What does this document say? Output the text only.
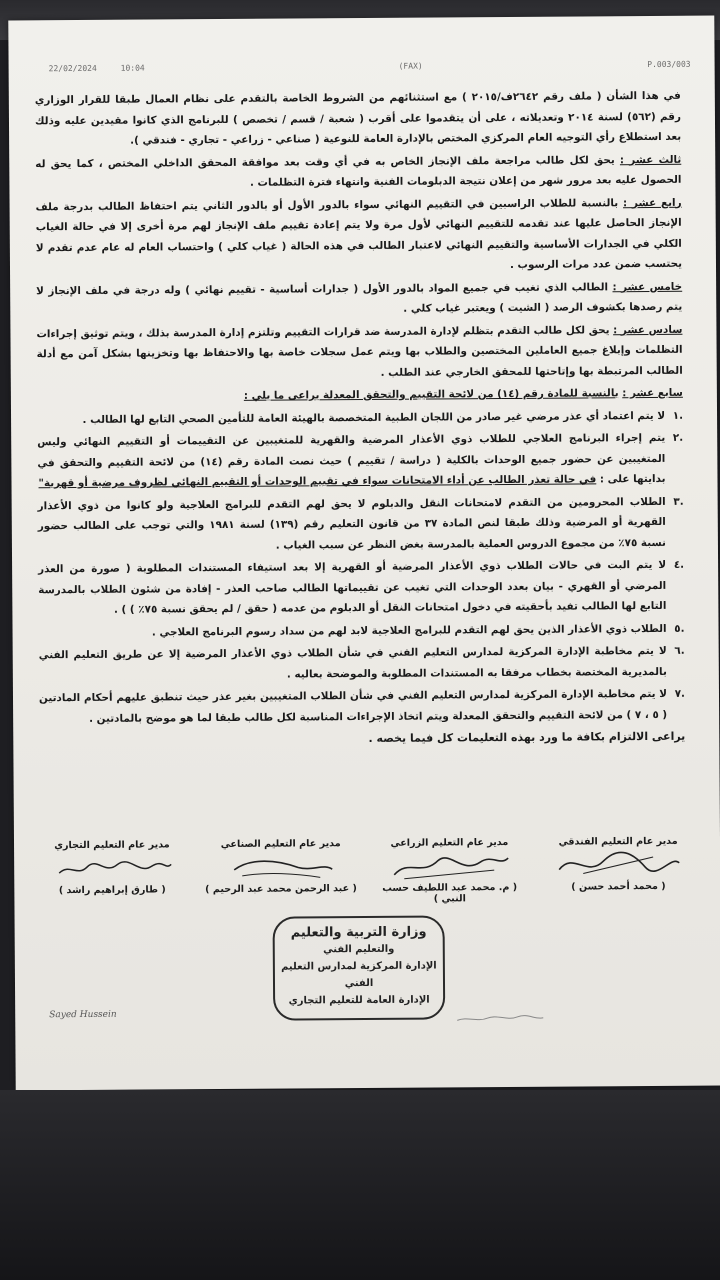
22/02/2024	10:04	(FAX)	P.003/003

في هذا الشأن ( ملف رقم ٢٦٤٢ف/٢٠١٥ ) مع استثنائهم من الشروط الخاصة بالتقدم على نظام العمال طبقا للقرار الوزاري رقم (٥٦٢) لسنة ٢٠١٤ وتعديلاته ، على أن يتقدموا على أقرب ( شعبة / قسم / تخصص ) للبرنامج الذي كانوا مقيدين عليه وذلك بعد استطلاع رأي التوجيه العام المركزي المختص بالإدارة العامة للنوعية ( صناعي - زراعي - تجاري - فندقي ).

ثالث عشر : يحق لكل طالب مراجعة ملف الإنجاز الخاص به في أي وقت بعد موافقة المحقق الداخلي المختص ، كما يحق له الحصول عليه بعد مرور شهر من إعلان نتيجة الدبلومات الفنية وانتهاء فترة التظلمات .

رابع عشر : بالنسبة للطلاب الراسبين في التقييم النهائي سواء بالدور الأول أو بالدور الثاني يتم احتفاظ الطالب بدرجة ملف الإنجاز الحاصل عليها عند تقدمه للتقييم النهائي لأول مرة ولا يتم إعادة تقييم ملف الإنجاز لهم مرة أخرى إلا في حالة الغياب الكلي في الجدارات الأساسية والتقييم النهائي لاعتبار الطالب في هذه الحالة ( غياب كلي ) واحتساب العام له عام عدم تقدم لا يحتسب ضمن عدد مرات الرسوب .

خامس عشر : الطالب الذي تغيب في جميع المواد بالدور الأول ( جدارات أساسية - تقييم نهائي ) وله درجة في ملف الإنجاز لا يتم رصدها بكشوف الرصد ( الشيت ) ويعتبر غياب كلي .

سادس عشر : يحق لكل طالب التقدم بتظلم لإدارة المدرسة ضد قرارات التقييم وتلتزم إدارة المدرسة بذلك ، ويتم توثيق إجراءات التظلمات وإبلاغ جميع العاملين المختصين والطلاب بها ويتم عمل سجلات خاصة بها والاحتفاظ بها وتخزينها بشكل آمن مع أدلة الطالب المرتبطة بها وإتاحتها للمحقق الخارجي عند الطلب .

سابع عشر : بالنسبة للمادة رقم (١٤) من لائحة التقييم والتحقق المعدلة يراعى ما يلي :

.١
لا يتم اعتماد أي عذر مرضي غير صادر من اللجان الطبية المتخصصة بالهيئة العامة للتأمين الصحي التابع لها الطالب .
.٢
يتم إجراء البرنامج العلاجي للطلاب ذوي الأعذار المرضية والقهرية للمتغيبين عن التقييمات أو التقييم النهائي وليس المتغيبين عن حضور جميع الوحدات بالكلية ( دراسة / تقييم ) حيث نصت المادة رقم (١٤) من لائحة التقييم والتحقق في بدايتها على : في حالة تعذر الطالب عن أداء الامتحانات سواء في تقييم الوحدات أو التقييم النهائي لظروف مرضية أو قهرية"
.٣
الطلاب المحرومين من التقدم لامتحانات النقل والدبلوم لا يحق لهم التقدم للبرامج العلاجية ولو كانوا من ذوي الأعذار القهرية أو المرضية وذلك طبقا لنص المادة ٣٧ من قانون التعليم رقم (١٣٩) لسنة ١٩٨١ والتي توجب على الطالب حضور نسبة ٧٥٪ من مجموع الدروس العملية بالمدرسة بغض النظر عن سبب الغياب .
.٤
لا يتم البت في حالات الطلاب ذوي الأعذار المرضية أو القهرية إلا بعد استيفاء المستندات المطلوبة ( صورة من العذر المرضي أو القهري - بيان بعدد الوحدات التي تغيب عن تقييماتها الطالب صاحب العذر - إفادة من شئون الطلاب بالمدرسة التابع لها الطالب تفيد بأحقيته في دخول امتحانات النقل أو الدبلوم من عدمه ( حقق / لم يحقق نسبة ٧٥٪ ) ) .
.٥
الطلاب ذوي الأعذار الذين يحق لهم التقدم للبرامج العلاجية لابد لهم من سداد رسوم البرنامج العلاجي .
.٦
لا يتم مخاطبة الإدارة المركزية لمدارس التعليم الفني في شأن الطلاب ذوي الأعذار المرضية إلا عن طريق التعليم الفني بالمديرية المختصة بخطاب مرفقا به المستندات المطلوبة والموضحة بعاليه .
.٧
لا يتم مخاطبة الإدارة المركزية لمدارس التعليم الفني في شأن الطلاب المتغيبين بغير عذر حيث تنطبق عليهم أحكام المادتين ( ٥ ، ٧ ) من لائحة التقييم والتحقق المعدلة ويتم اتخاذ الإجراءات المناسبة لكل طالب طبقا لما هو موضح بالمادتين .

يراعى الالتزام بكافة ما ورد بهذه التعليمات كل فيما يخصه .

مدير عام التعليم الفندقي
( محمد أحمد حسن )
مدير عام التعليم الزراعي
( م. محمد عبد اللطيف حسب النبي )
مدير عام التعليم الصناعي
( عبد الرحمن محمد عبد الرحيم )
مدير عام التعليم التجاري
( طارق إبراهيم راشد )
وزارة التربية والتعليم
والتعليم الفني
الإدارة المركزية لمدارس التعليم الفني
الإدارة العامة للتعليم التجاري
Sayed Hussein
